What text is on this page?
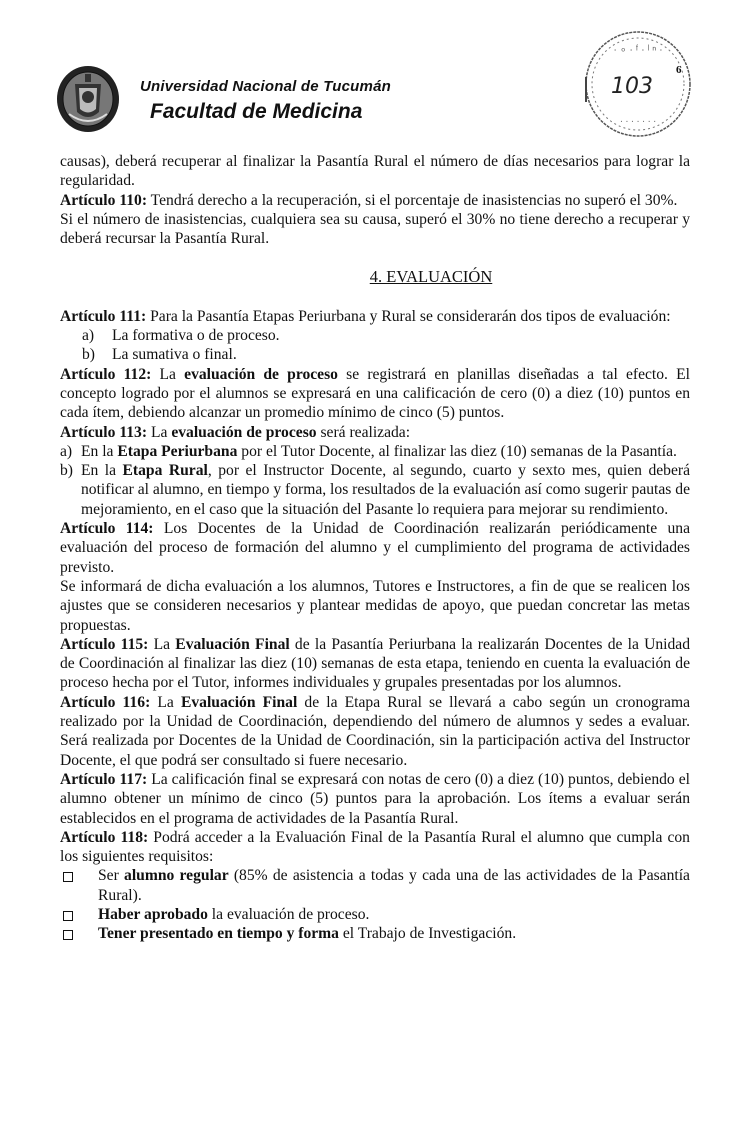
Universidad Nacional de Tucumán
Facultad de Medicina
∙ ∘ ∙ ᶠ ∙ ˡ ⁿ ∙
∙ ∙ ∙ ∙ ∙ ∙ ∙
103
6

causas), deberá recuperar al finalizar la Pasantía Rural el número de días necesarios para lograr la regularidad.

Artículo 110: Tendrá derecho a la recuperación, si el porcentaje de inasistencias no superó el 30%.

Si el número de inasistencias, cualquiera sea su causa, superó el 30% no tiene derecho a recuperar y deberá recursar la Pasantía Rural.

4. EVALUACIÓN

Artículo 111: Para la Pasantía Etapas Periurbana y Rural se considerarán dos tipos de evaluación:

a) La formativa o de proceso.
b) La sumativa o final.

Artículo 112: La evaluación de proceso se registrará en planillas diseñadas a tal efecto. El concepto logrado por el alumnos se expresará en una calificación de cero (0) a diez (10) puntos en cada ítem, debiendo alcanzar un promedio mínimo de cinco (5) puntos.

Artículo 113: La evaluación de proceso será realizada:

a) En la Etapa Periurbana por el Tutor Docente, al finalizar las diez (10) semanas de la Pasantía.
b) En la Etapa Rural, por el Instructor Docente, al segundo, cuarto y sexto mes, quien deberá notificar al alumno, en tiempo y forma, los resultados de la evaluación así como sugerir pautas de mejoramiento, en el caso que la situación del Pasante lo requiera para mejorar su rendimiento.

Artículo 114: Los Docentes de la Unidad de Coordinación realizarán periódicamente una evaluación del proceso de formación del alumno y el cumplimiento del programa de actividades previsto.

Se informará de dicha evaluación a los alumnos, Tutores e Instructores, a fin de que se realicen los ajustes que se consideren necesarios y plantear medidas de apoyo, que puedan concretar las metas propuestas.

Artículo 115: La Evaluación Final de la Pasantía Periurbana la realizarán Docentes de la Unidad de Coordinación al finalizar las diez (10) semanas de esta etapa, teniendo en cuenta la evaluación de proceso hecha por el Tutor, informes individuales y grupales presentadas por los alumnos.

Artículo 116: La Evaluación Final de la Etapa Rural se llevará a cabo según un cronograma realizado por la Unidad de Coordinación, dependiendo del número de alumnos y sedes a evaluar. Será realizada por Docentes de la Unidad de Coordinación, sin la participación activa del Instructor Docente, el que podrá ser consultado si fuere necesario.

Artículo 117: La calificación final se expresará con notas de cero (0) a diez (10) puntos, debiendo el alumno obtener un mínimo de cinco (5) puntos para la aprobación. Los ítems a evaluar serán establecidos en el programa de actividades de la Pasantía Rural.

Artículo 118: Podrá acceder a la Evaluación Final de la Pasantía Rural el alumno que cumpla con los siguientes requisitos:

Ser alumno regular (85% de asistencia a todas y cada una de las actividades de la Pasantía Rural).
Haber aprobado la evaluación de proceso.
Tener presentado en tiempo y forma el Trabajo de Investigación.
